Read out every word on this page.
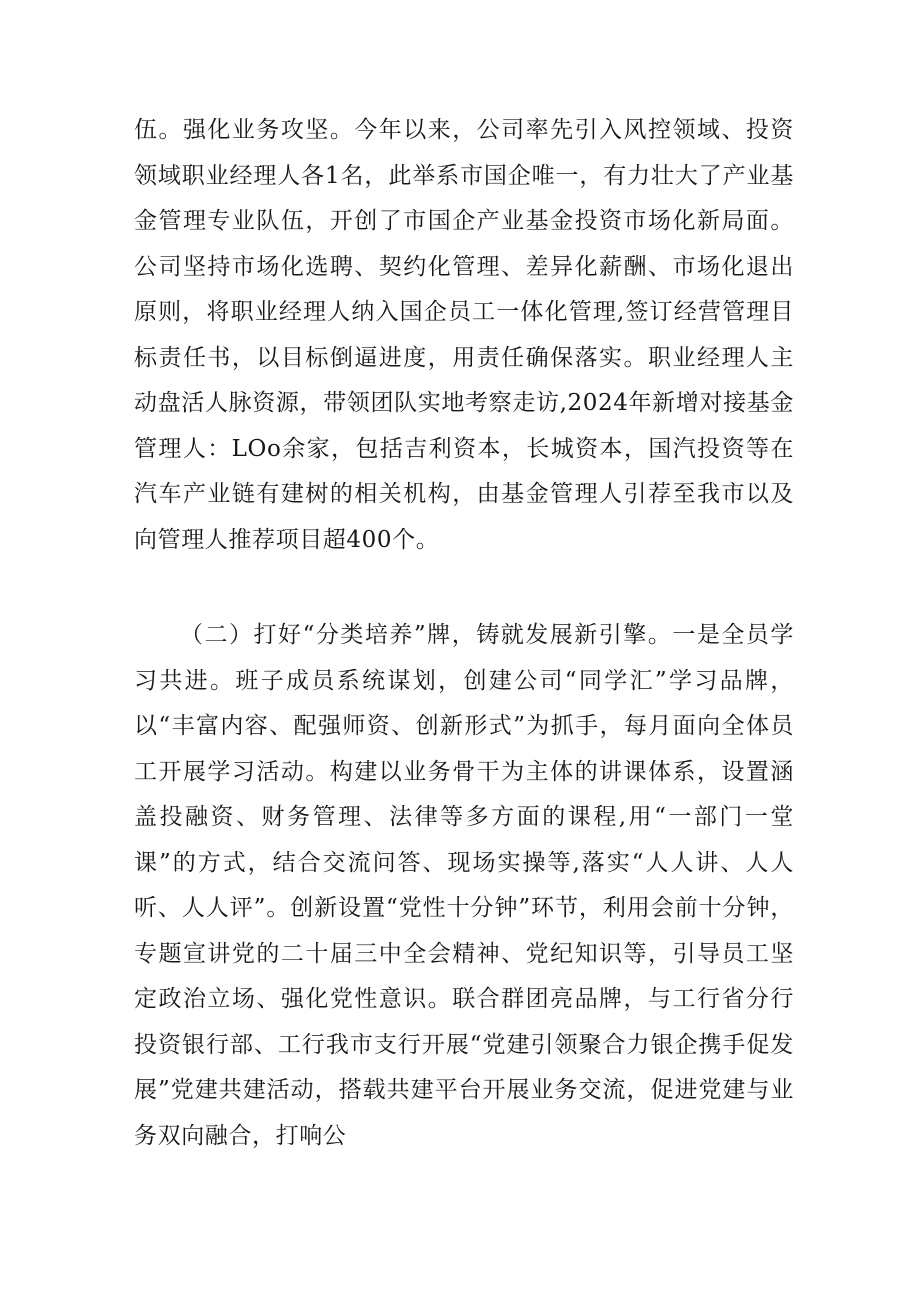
伍。强化业务攻坚。今年以来，公司率先引入风控领域、投资领域职业经理人各1名，此举系市国企唯一，有力壮大了产业基金管理专业队伍，开创了市国企产业基金投资市场化新局面。公司坚持市场化选聘、契约化管理、差异化薪酬、市场化退出原则，将职业经理人纳入国企员工一体化管理,签订经营管理目标责任书，以目标倒逼进度，用责任确保落实。职业经理人主动盘活人脉资源，带领团队实地考察走访,2024年新增对接基金管理人：LOo余家，包括吉利资本，长城资本，国汽投资等在汽车产业链有建树的相关机构，由基金管理人引荐至我市以及向管理人推荐项目超400个。

（二）打好“分类培养”牌，铸就发展新引擎。一是全员学习共进。班子成员系统谋划，创建公司“同学汇”学习品牌，以“丰富内容、配强师资、创新形式”为抓手，每月面向全体员工开展学习活动。构建以业务骨干为主体的讲课体系，设置涵盖投融资、财务管理、法律等多方面的课程,用“一部门一堂课”的方式，结合交流问答、现场实操等,落实“人人讲、人人听、人人评”。创新设置“党性十分钟”环节，利用会前十分钟，专题宣讲党的二十届三中全会精神、党纪知识等，引导员工坚定政治立场、强化党性意识。联合群团亮品牌，与工行省分行投资银行部、工行我市支行开展“党建引领聚合力银企携手促发展”党建共建活动，搭载共建平台开展业务交流，促进党建与业务双向融合，打响公
